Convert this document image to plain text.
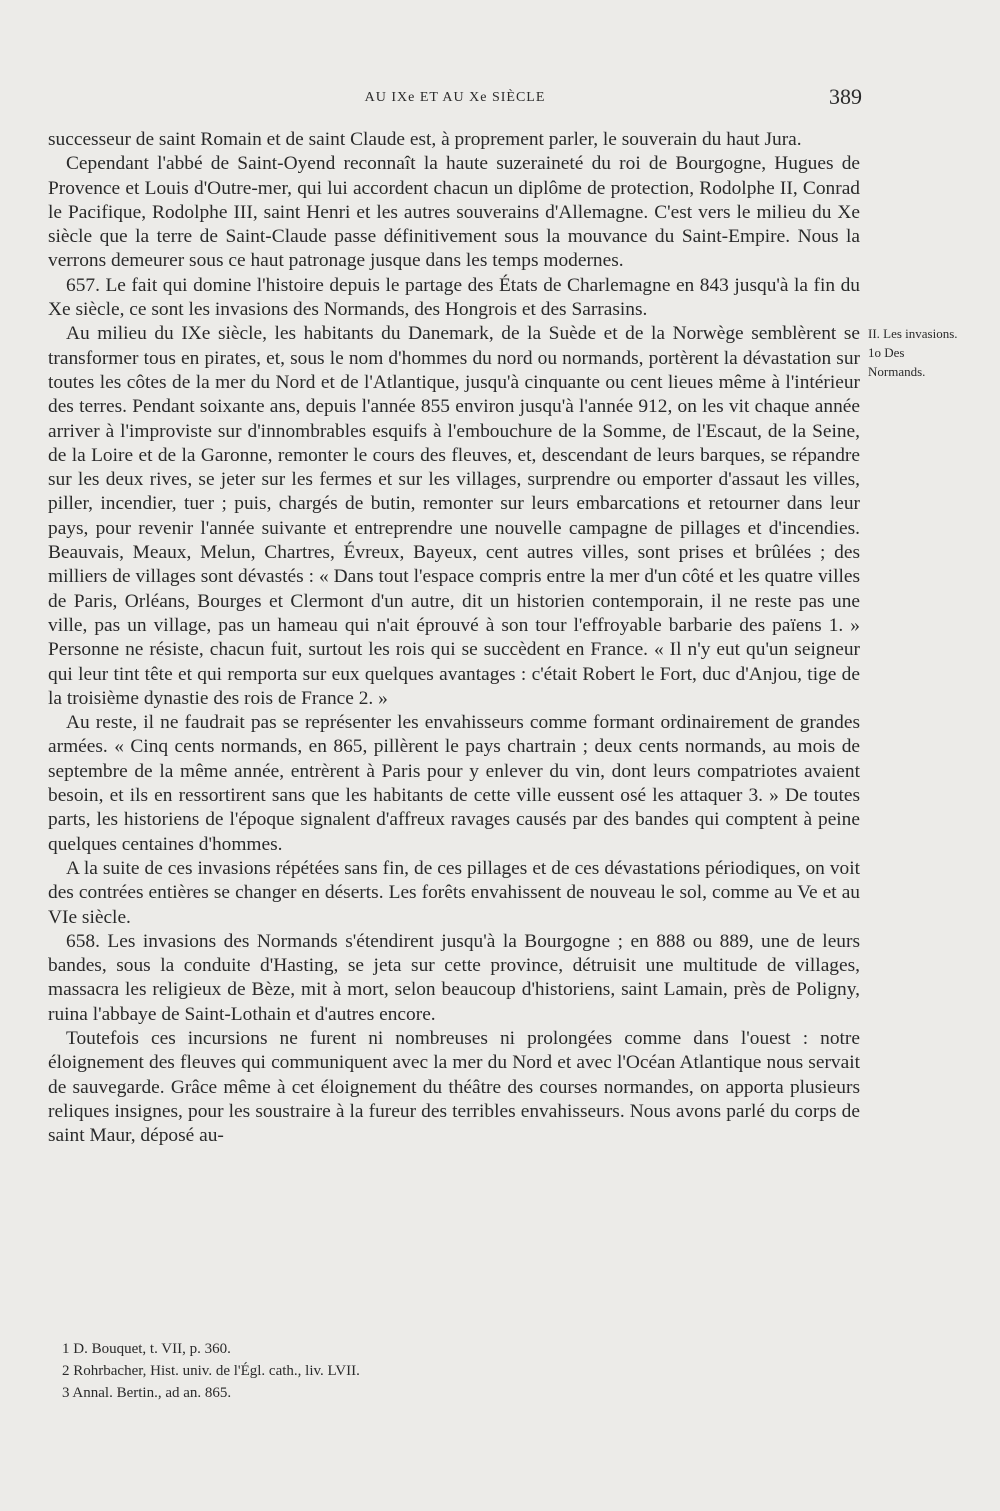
AU IXe ET AU Xe SIÈCLE	389

successeur de saint Romain et de saint Claude est, à proprement parler, le souverain du haut Jura.

Cependant l'abbé de Saint-Oyend reconnaît la haute suzeraineté du roi de Bourgogne, Hugues de Provence et Louis d'Outre-mer, qui lui accordent chacun un diplôme de protection, Rodolphe II, Conrad le Pacifique, Rodolphe III, saint Henri et les autres souverains d'Allemagne. C'est vers le milieu du Xe siècle que la terre de Saint-Claude passe définitivement sous la mouvance du Saint-Empire. Nous la verrons demeurer sous ce haut patronage jusque dans les temps modernes.

657. Le fait qui domine l'histoire depuis le partage des États de Charlemagne en 843 jusqu'à la fin du Xe siècle, ce sont les invasions des Normands, des Hongrois et des Sarrasins.

Au milieu du IXe siècle, les habitants du Danemark, de la Suède et de la Norwège semblèrent se transformer tous en pirates, et, sous le nom d'hommes du nord ou normands, portèrent la dévastation sur toutes les côtes de la mer du Nord et de l'Atlantique, jusqu'à cinquante ou cent lieues même à l'intérieur des terres. Pendant soixante ans, depuis l'année 855 environ jusqu'à l'année 912, on les vit chaque année arriver à l'improviste sur d'innombrables esquifs à l'embouchure de la Somme, de l'Escaut, de la Seine, de la Loire et de la Garonne, remonter le cours des fleuves, et, descendant de leurs barques, se répandre sur les deux rives, se jeter sur les fermes et sur les villages, surprendre ou emporter d'assaut les villes, piller, incendier, tuer ; puis, chargés de butin, remonter sur leurs embarcations et retourner dans leur pays, pour revenir l'année suivante et entreprendre une nouvelle campagne de pillages et d'incendies. Beauvais, Meaux, Melun, Chartres, Évreux, Bayeux, cent autres villes, sont prises et brûlées ; des milliers de villages sont dévastés : « Dans tout l'espace compris entre la mer d'un côté et les quatre villes de Paris, Orléans, Bourges et Clermont d'un autre, dit un historien contemporain, il ne reste pas une ville, pas un village, pas un hameau qui n'ait éprouvé à son tour l'effroyable barbarie des païens 1. » Personne ne résiste, chacun fuit, surtout les rois qui se succèdent en France. « Il n'y eut qu'un seigneur qui leur tint tête et qui remporta sur eux quelques avantages : c'était Robert le Fort, duc d'Anjou, tige de la troisième dynastie des rois de France 2. »

Au reste, il ne faudrait pas se représenter les envahisseurs comme formant ordinairement de grandes armées. « Cinq cents normands, en 865, pillèrent le pays chartrain ; deux cents normands, au mois de septembre de la même année, entrèrent à Paris pour y enlever du vin, dont leurs compatriotes avaient besoin, et ils en ressortirent sans que les habitants de cette ville eussent osé les attaquer 3. » De toutes parts, les historiens de l'époque signalent d'affreux ravages causés par des bandes qui comptent à peine quelques centaines d'hommes.

A la suite de ces invasions répétées sans fin, de ces pillages et de ces dévastations périodiques, on voit des contrées entières se changer en déserts. Les forêts envahissent de nouveau le sol, comme au Ve et au VIe siècle.

658. Les invasions des Normands s'étendirent jusqu'à la Bourgogne ; en 888 ou 889, une de leurs bandes, sous la conduite d'Hasting, se jeta sur cette province, détruisit une multitude de villages, massacra les religieux de Bèze, mit à mort, selon beaucoup d'historiens, saint Lamain, près de Poligny, ruina l'abbaye de Saint-Lothain et d'autres encore.

Toutefois ces incursions ne furent ni nombreuses ni prolongées comme dans l'ouest : notre éloignement des fleuves qui communiquent avec la mer du Nord et avec l'Océan Atlantique nous servait de sauvegarde. Grâce même à cet éloignement du théâtre des courses normandes, on apporta plusieurs reliques insignes, pour les soustraire à la fureur des terribles envahisseurs. Nous avons parlé du corps de saint Maur, déposé au-

II. Les invasions. 1o Des Normands.
1 D. Bouquet, t. VII, p. 360.
2 Rohrbacher, Hist. univ. de l'Égl. cath., liv. LVII.
3 Annal. Bertin., ad an. 865.
